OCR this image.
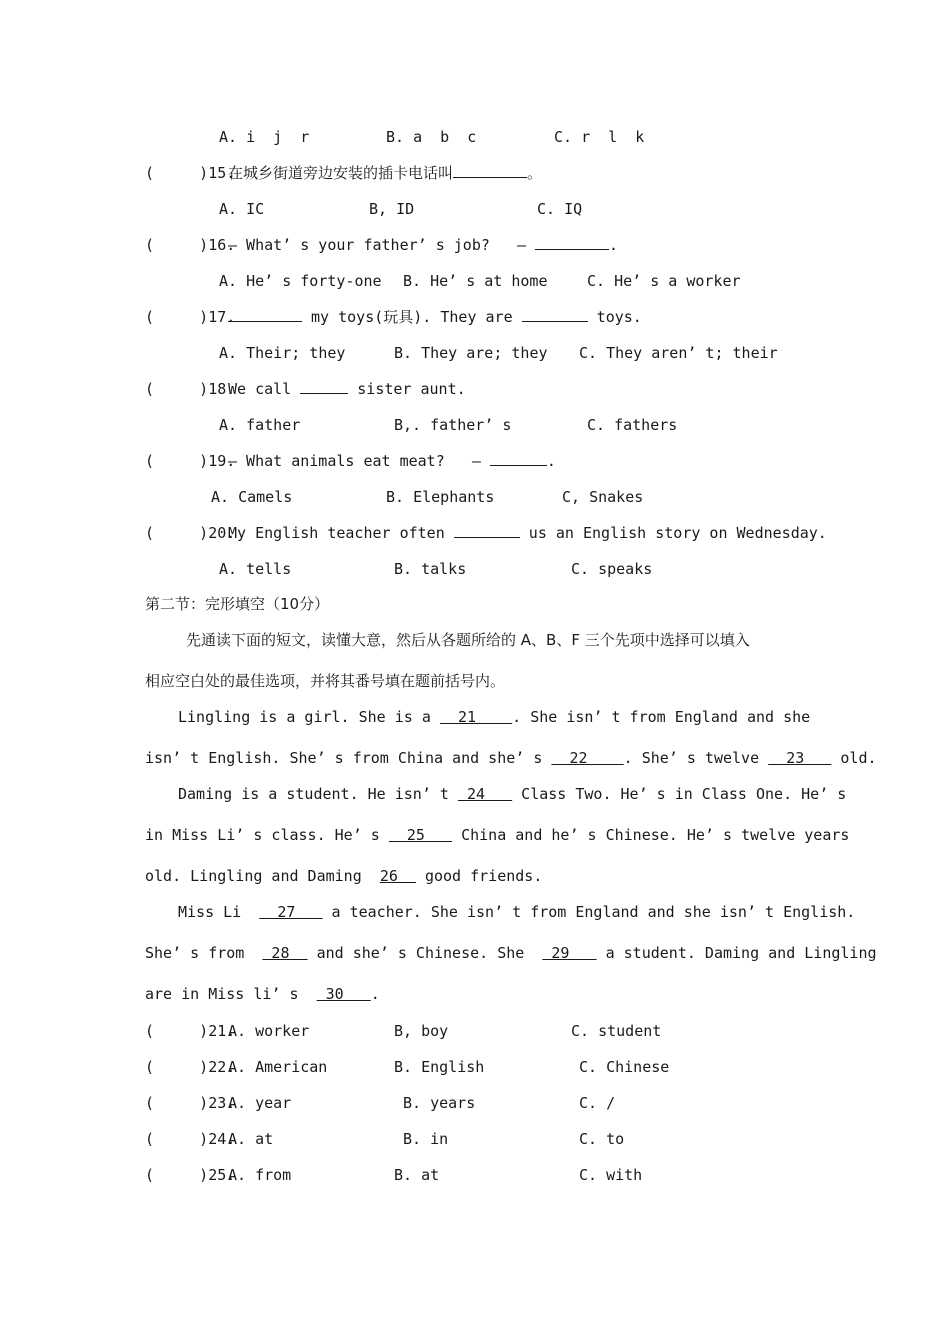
A. i  j  r	B. a  b  c	C. r  l  k
(     )15.
在城乡街道旁边安装的插卡电话叫	。
A. IC	B, ID	C. IQ
(     )16.
— What’ s your father’ s job?   —	.
A. He’ s forty-one B. He’ s at home	C. He’ s a worker
(     )17.	my toys(玩具). They are	toys.
A. Their; they	B. They are; they C. They aren’ t; their
(     )18.
We call	sister aunt.
A. father	B,. father’ s	C. fathers
(     )19.
— What animals eat meat?   —	.
A. Camels	B. Elephants	C, Snakes
(     )20.
My English teacher often	us an English story on Wednesday.
A. tells	B. talks	C. speaks
第二节：完形填空（10分）
先通读下面的短文，读懂大意，然后从各题所给的 A、B、F 三个先项中选择可以填入
相应空白处的最佳选项，并将其番号填在题前括号内。
Lingling is a girl. She is a   21    . She isn’ t from England and she
isn’ t English. She’ s from China and she’ s   22    . She’ s twelve   23    old.
Daming is a student. He isn’ t  24    Class Two. He’ s in Class One. He’ s
in Miss Li’ s class. He’ s   25    China and he’ s Chinese. He’ s twelve years
old. Lingling and Daming  26   good friends.
Miss Li    27    a teacher. She isn’ t from England and she isn’ t English.
She’ s from   28   and she’ s Chinese. She   29    a student. Daming and Lingling
are in Miss li’ s   30   .
(     )21.
A. worker	B, boy	C. student
(     )22.
A. American	B. English	C. Chinese
(     )23.
A. year	B. years	C. /
(     )24.
A. at	B. in	C. to
(     )25.
A. from	B. at	C. with
